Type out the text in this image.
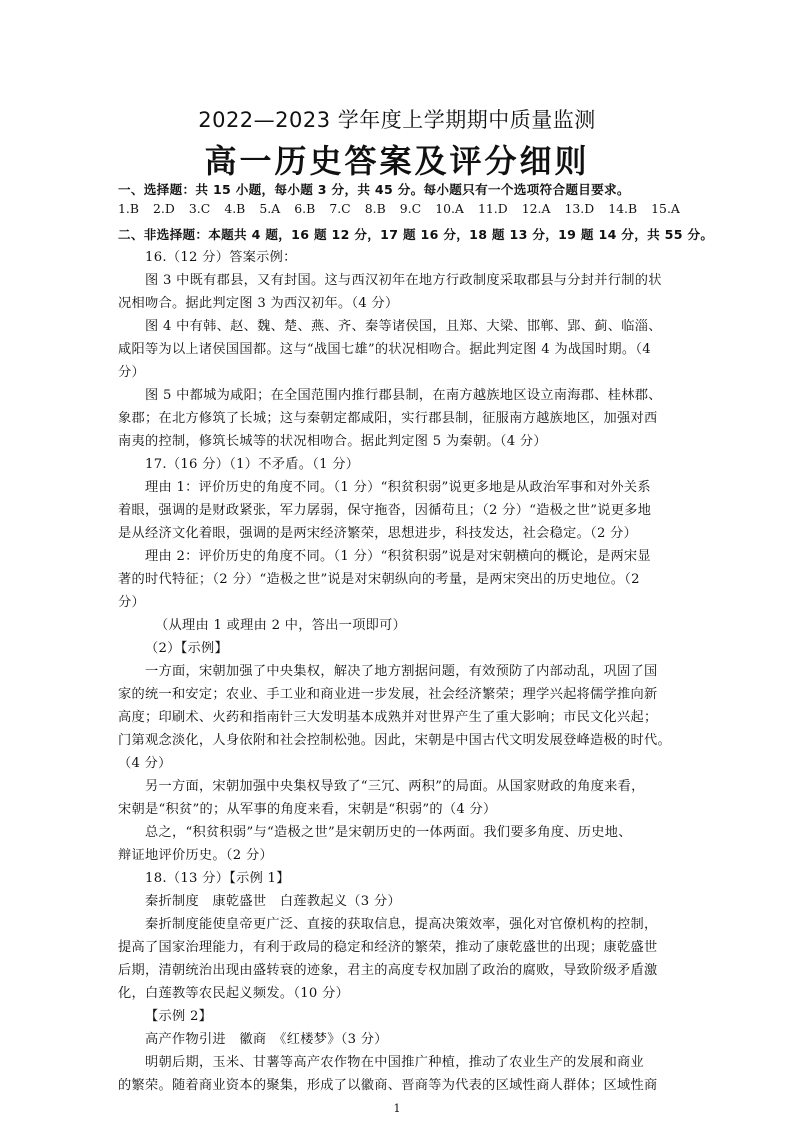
2022—2023 学年度上学期期中质量监测
高一历史答案及评分细则
一、选择题：共 15 小题，每小题 3 分，共 45 分。每小题只有一个选项符合题目要求。
1.B 2.D 3.C 4.B 5.A 6.B 7.C 8.B 9.C 10.A 11.D 12.A 13.D 14.B 15.A
二、非选择题：本题共 4 题，16 题 12 分，17 题 16 分，18 题 13 分，19 题 14 分，共 55 分。
16.（12 分）答案示例：
图 3 中既有郡县，又有封国。这与西汉初年在地方行政制度采取郡县与分封并行制的状
况相吻合。据此判定图 3 为西汉初年。（4 分）
图 4 中有韩、赵、魏、楚、燕、齐、秦等诸侯国，且郑、大梁、邯郸、郢、蓟、临淄、
咸阳等为以上诸侯国国都。这与“战国七雄”的状况相吻合。据此判定图 4 为战国时期。（4
分）
图 5 中都城为咸阳；在全国范围内推行郡县制，在南方越族地区设立南海郡、桂林郡、
象郡；在北方修筑了长城；这与秦朝定都咸阳，实行郡县制，征服南方越族地区，加强对西
南夷的控制，修筑长城等的状况相吻合。据此判定图 5 为秦朝。（4 分）
17.（16 分）（1）不矛盾。（1 分）
理由 1：评价历史的角度不同。（1 分）“积贫积弱”说更多地是从政治军事和对外关系
着眼，强调的是财政紧张，军力孱弱，保守拖沓，因循苟且；（2 分）“造极之世”说更多地
是从经济文化着眼，强调的是两宋经济繁荣，思想进步，科技发达，社会稳定。（2 分）
理由 2：评价历史的角度不同。（1 分）“积贫积弱”说是对宋朝横向的概论，是两宋显
著的时代特征；（2 分）“造极之世”说是对宋朝纵向的考量，是两宋突出的历史地位。（2
分）
（从理由 1 或理由 2 中，答出一项即可）
（2）【示例】
一方面，宋朝加强了中央集权，解决了地方割据问题，有效预防了内部动乱，巩固了国
家的统一和安定；农业、手工业和商业进一步发展，社会经济繁荣；理学兴起将儒学推向新
高度；印刷术、火药和指南针三大发明基本成熟并对世界产生了重大影响；市民文化兴起；
门第观念淡化，人身依附和社会控制松弛。因此，宋朝是中国古代文明发展登峰造极的时代。
（4 分）
另一方面，宋朝加强中央集权导致了“三冗、两积”的局面。从国家财政的角度来看，
宋朝是“积贫”的；从军事的角度来看，宋朝是“积弱”的（4 分）
总之，“积贫积弱”与“造极之世”是宋朝历史的一体两面。我们要多角度、历史地、
辩证地评价历史。（2 分）
18.（13 分）【示例 1】
秦折制度　康乾盛世　白莲教起义（3 分）
秦折制度能使皇帝更广泛、直接的获取信息，提高决策效率，强化对官僚机构的控制，
提高了国家治理能力，有利于政局的稳定和经济的繁荣，推动了康乾盛世的出现；康乾盛世
后期，清朝统治出现由盛转衰的迹象，君主的高度专权加剧了政治的腐败，导致阶级矛盾激
化，白莲教等农民起义频发。（10 分）
【示例 2】
高产作物引进　徽商　《红楼梦》（3 分）
明朝后期，玉米、甘薯等高产农作物在中国推广种植，推动了农业生产的发展和商业
的繁荣。随着商业资本的聚集，形成了以徽商、晋商等为代表的区域性商人群体；区域性商
1
